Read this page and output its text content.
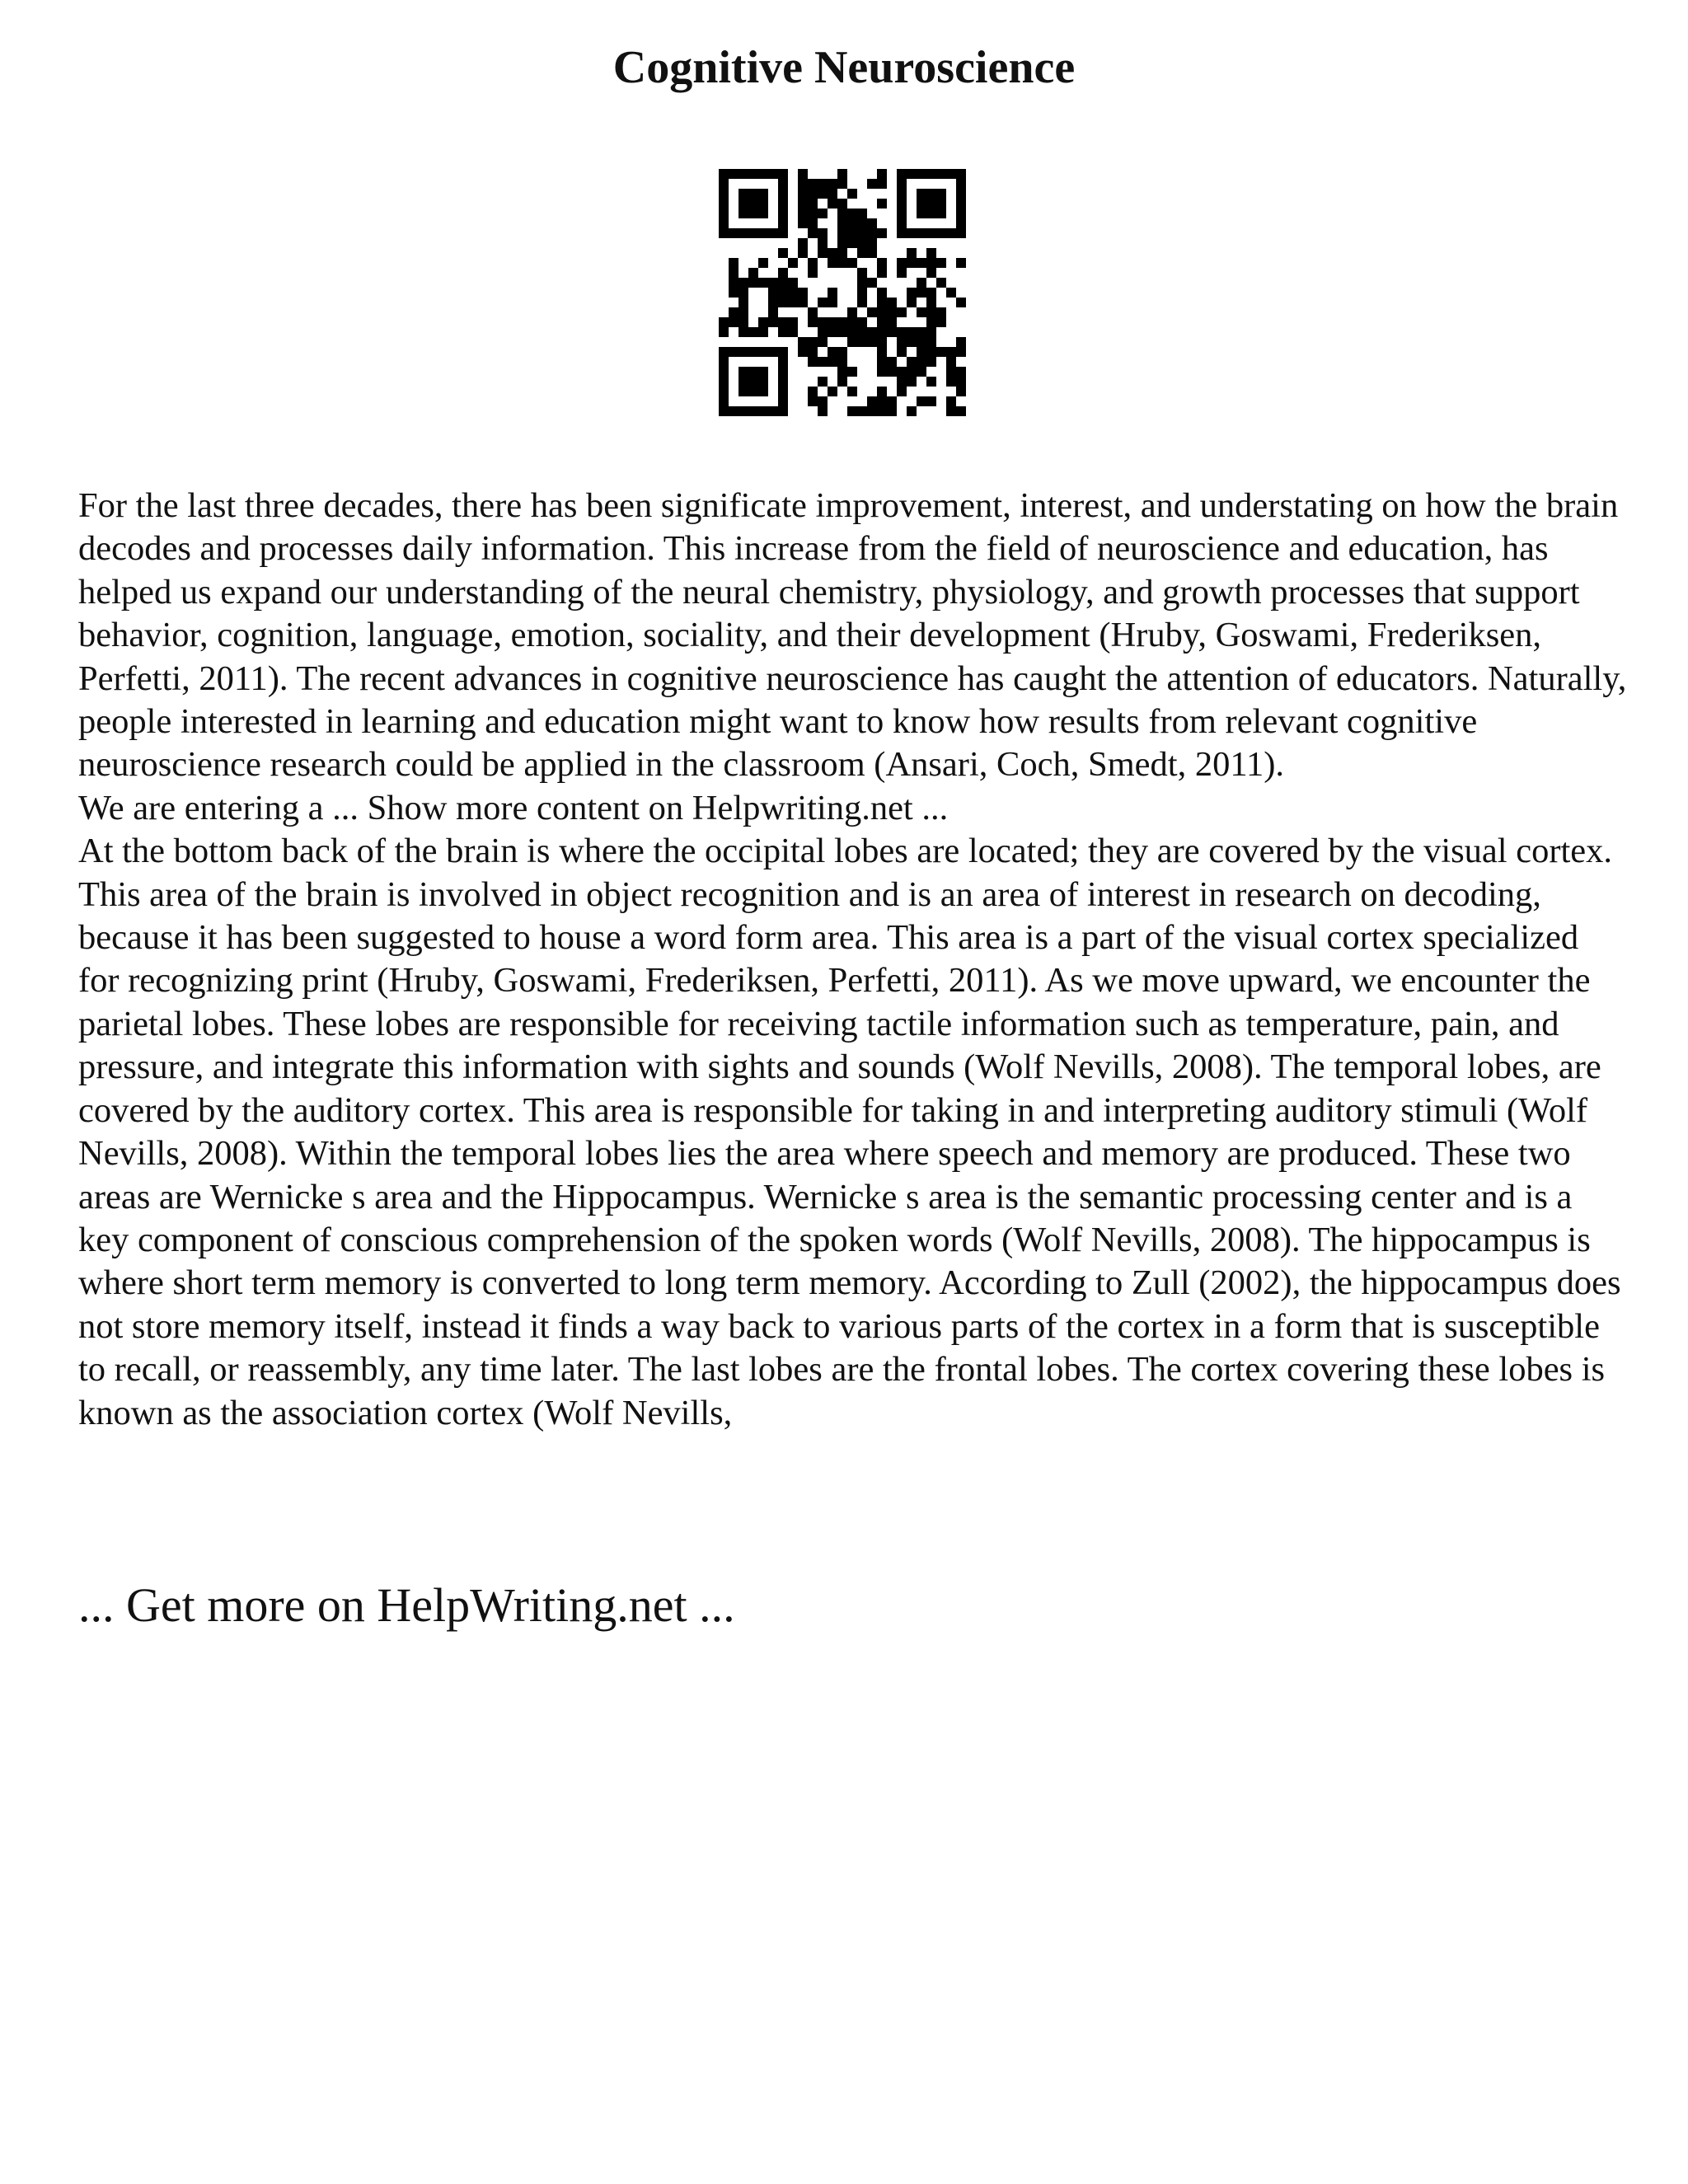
Cognitive Neuroscience

For the last three decades, there has been significate improvement, interest, and understating on how the brain decodes and processes daily information. This increase from the field of neuroscience and education, has helped us expand our understanding of the neural chemistry, physiology, and growth processes that support behavior, cognition, language, emotion, sociality, and their development (Hruby, Goswami, Frederiksen, Perfetti, 2011). The recent advances in cognitive neuroscience has caught the attention of educators. Naturally, people interested in learning and education might want to know how results from relevant cognitive neuroscience research could be applied in the classroom (Ansari, Coch, Smedt, 2011).

We are entering a ... Show more content on Helpwriting.net ...

At the bottom back of the brain is where the occipital lobes are located; they are covered by the visual cortex. This area of the brain is involved in object recognition and is an area of interest in research on decoding, because it has been suggested to house a word form area. This area is a part of the visual cortex specialized for recognizing print (Hruby, Goswami, Frederiksen, Perfetti, 2011). As we move upward, we encounter the parietal lobes. These lobes are responsible for receiving tactile information such as temperature, pain, and pressure, and integrate this information with sights and sounds (Wolf Nevills, 2008). The temporal lobes, are covered by the auditory cortex. This area is responsible for taking in and interpreting auditory stimuli (Wolf Nevills, 2008). Within the temporal lobes lies the area where speech and memory are produced. These two areas are Wernicke s area and the Hippocampus. Wernicke s area is the semantic processing center and is a key component of conscious comprehension of the spoken words (Wolf Nevills, 2008). The hippocampus is where short term memory is converted to long term memory. According to Zull (2002), the hippocampus does not store memory itself, instead it finds a way back to various parts of the cortex in a form that is susceptible to recall, or reassembly, any time later. The last lobes are the frontal lobes. The cortex covering these lobes is known as the association cortex (Wolf Nevills,

... Get more on HelpWriting.net ...
